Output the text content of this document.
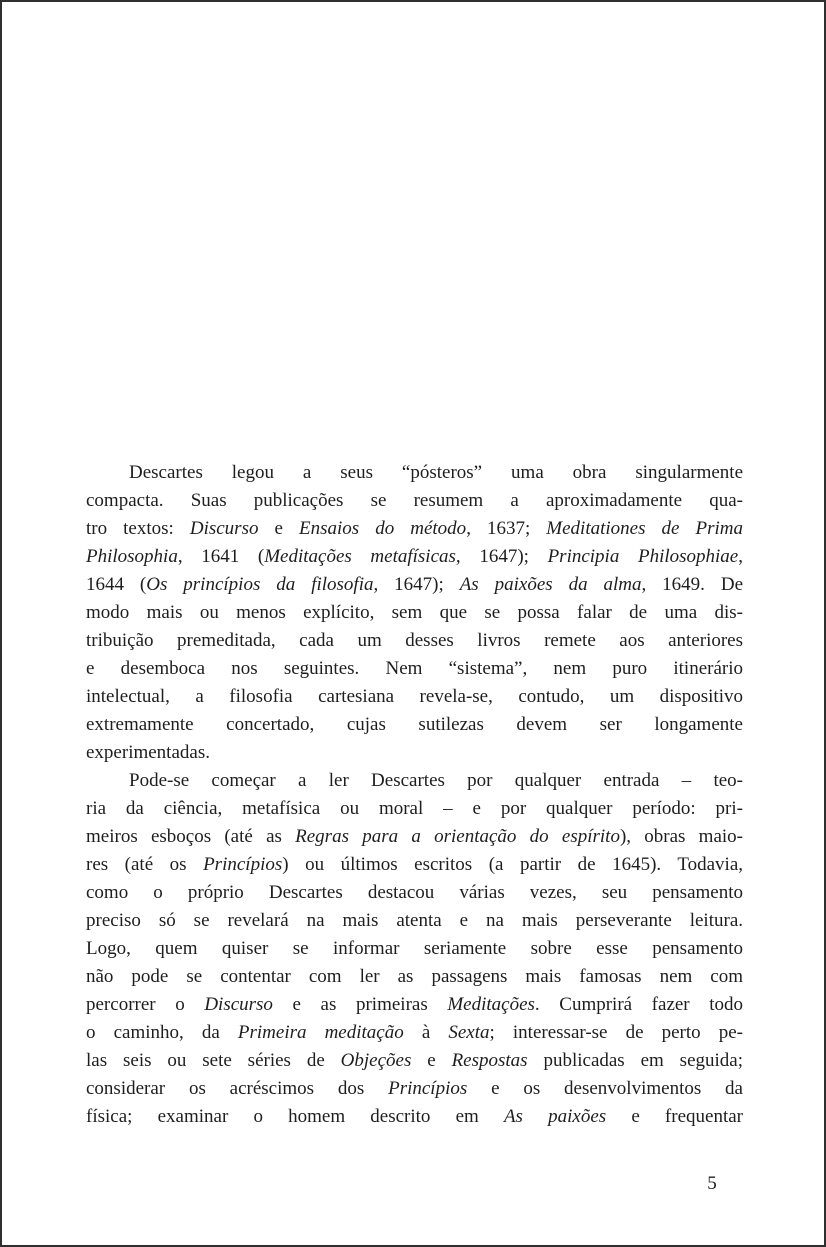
Descartes legou a seus “pósteros” uma obra singularmente
compacta. Suas publicações se resumem a aproximadamente qua-
tro textos: Discurso e Ensaios do método, 1637; Meditationes de Prima
Philosophia, 1641 (Meditações metafísicas, 1647); Principia Philosophiae,
1644 (Os princípios da filosofia, 1647); As paixões da alma, 1649. De
modo mais ou menos explícito, sem que se possa falar de uma dis-
tribuição premeditada, cada um desses livros remete aos anteriores
e desemboca nos seguintes. Nem “sistema”, nem puro itinerário
intelectual, a filosofia cartesiana revela-se, contudo, um dispositivo
extremamente concertado, cujas sutilezas devem ser longamente
experimentadas.
Pode-se começar a ler Descartes por qualquer entrada – teo-
ria da ciência, metafísica ou moral – e por qualquer período: pri-
meiros esboços (até as Regras para a orientação do espírito), obras maio-
res (até os Princípios) ou últimos escritos (a partir de 1645). Todavia,
como o próprio Descartes destacou várias vezes, seu pensamento
preciso só se revelará na mais atenta e na mais perseverante leitura.
Logo, quem quiser se informar seriamente sobre esse pensamento
não pode se contentar com ler as passagens mais famosas nem com
percorrer o Discurso e as primeiras Meditações. Cumprirá fazer todo
o caminho, da Primeira meditação à Sexta; interessar-se de perto pe-
las seis ou sete séries de Objeções e Respostas publicadas em seguida;
considerar os acréscimos dos Princípios e os desenvolvimentos da
física; examinar o homem descrito em As paixões e frequentar
5
